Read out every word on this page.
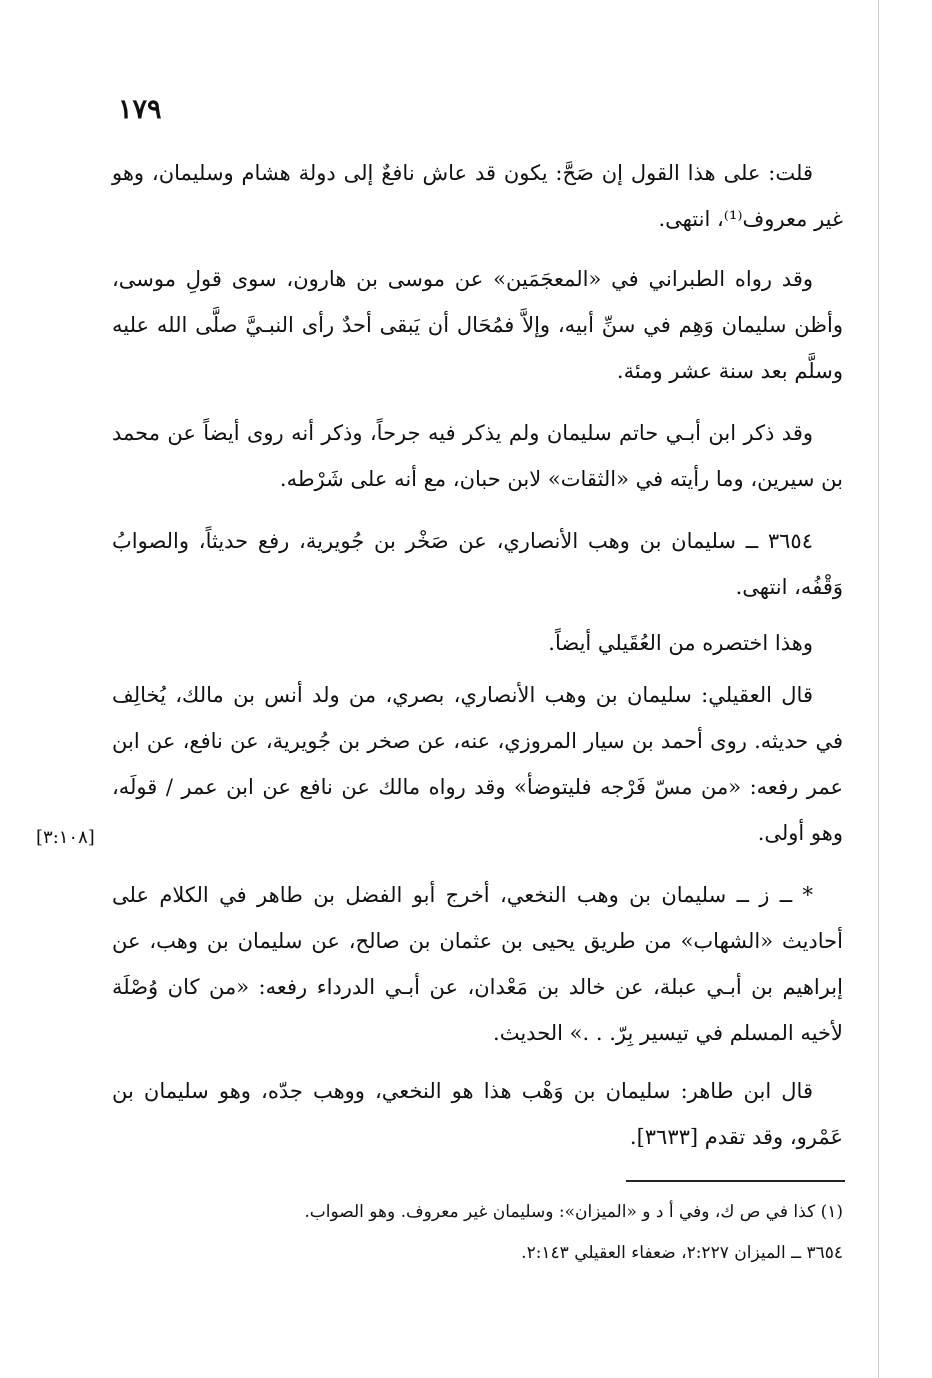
١٧٩

قلت: على هذا القول إن صَحَّ: يكون قد عاش نافعٌ إلى دولة هشام وسليمان، وهو غير معروف⁽¹⁾، انتهى.

وقد رواه الطبراني في «المعجَمَين» عن موسى بن هارون، سوى قولِ موسى، وأظن سليمان وَهِم في سنِّ أبيه، وإلاَّ فمُحَال أن يَبقى أحدٌ رأى النبـيَّ صلَّى الله عليه وسلَّم بعد سنة عشر ومئة.

وقد ذكر ابن أبـي حاتم سليمان ولم يذكر فيه جرحاً، وذكر أنه روى أيضاً عن محمد بن سيرين، وما رأيته في «الثقات» لابن حبان، مع أنه على شَرْطه.

٣٦٥٤ ــ سليمان بن وهب الأنصاري، عن صَخْر بن جُويرية، رفع حديثاً، والصوابُ وَقْفُه، انتهى.

وهذا اختصره من العُقَيلي أيضاً.

قال العقيلي: سليمان بن وهب الأنصاري، بصري، من ولد أنس بن مالك، يُخالِف في حديثه. روى أحمد بن سيار المروزي، عنه، عن صخر بن جُويرية، عن نافع، عن ابن عمر رفعه: «من مسّ فَرْجه فليتوضأ» وقد رواه مالك عن نافع عن ابن عمر / قولَه، وهو أولى.

[٣:١٠٨]

* ــ ز ــ سليمان بن وهب النخعي، أخرج أبو الفضل بن طاهر في الكلام على أحاديث «الشهاب» من طريق يحيى بن عثمان بن صالح، عن سليمان بن وهب، عن إبراهيم بن أبـي عبلة، عن خالد بن مَعْدان، عن أبـي الدرداء رفعه: «من كان وُصْلَة لأخيه المسلم في تيسير بِرّ. . .» الحديث.

قال ابن طاهر: سليمان بن وَهْب هذا هو النخعي، ووهب جدّه، وهو سليمان بن عَمْرو، وقد تقدم [٣٦٣٣].

(١) كذا في ص ك، وفي أ د و «الميزان»: وسليمان غير معروف. وهو الصواب.
٣٦٥٤ ــ الميزان ٢:٢٢٧، ضعفاء العقيلي ٢:١٤٣.
